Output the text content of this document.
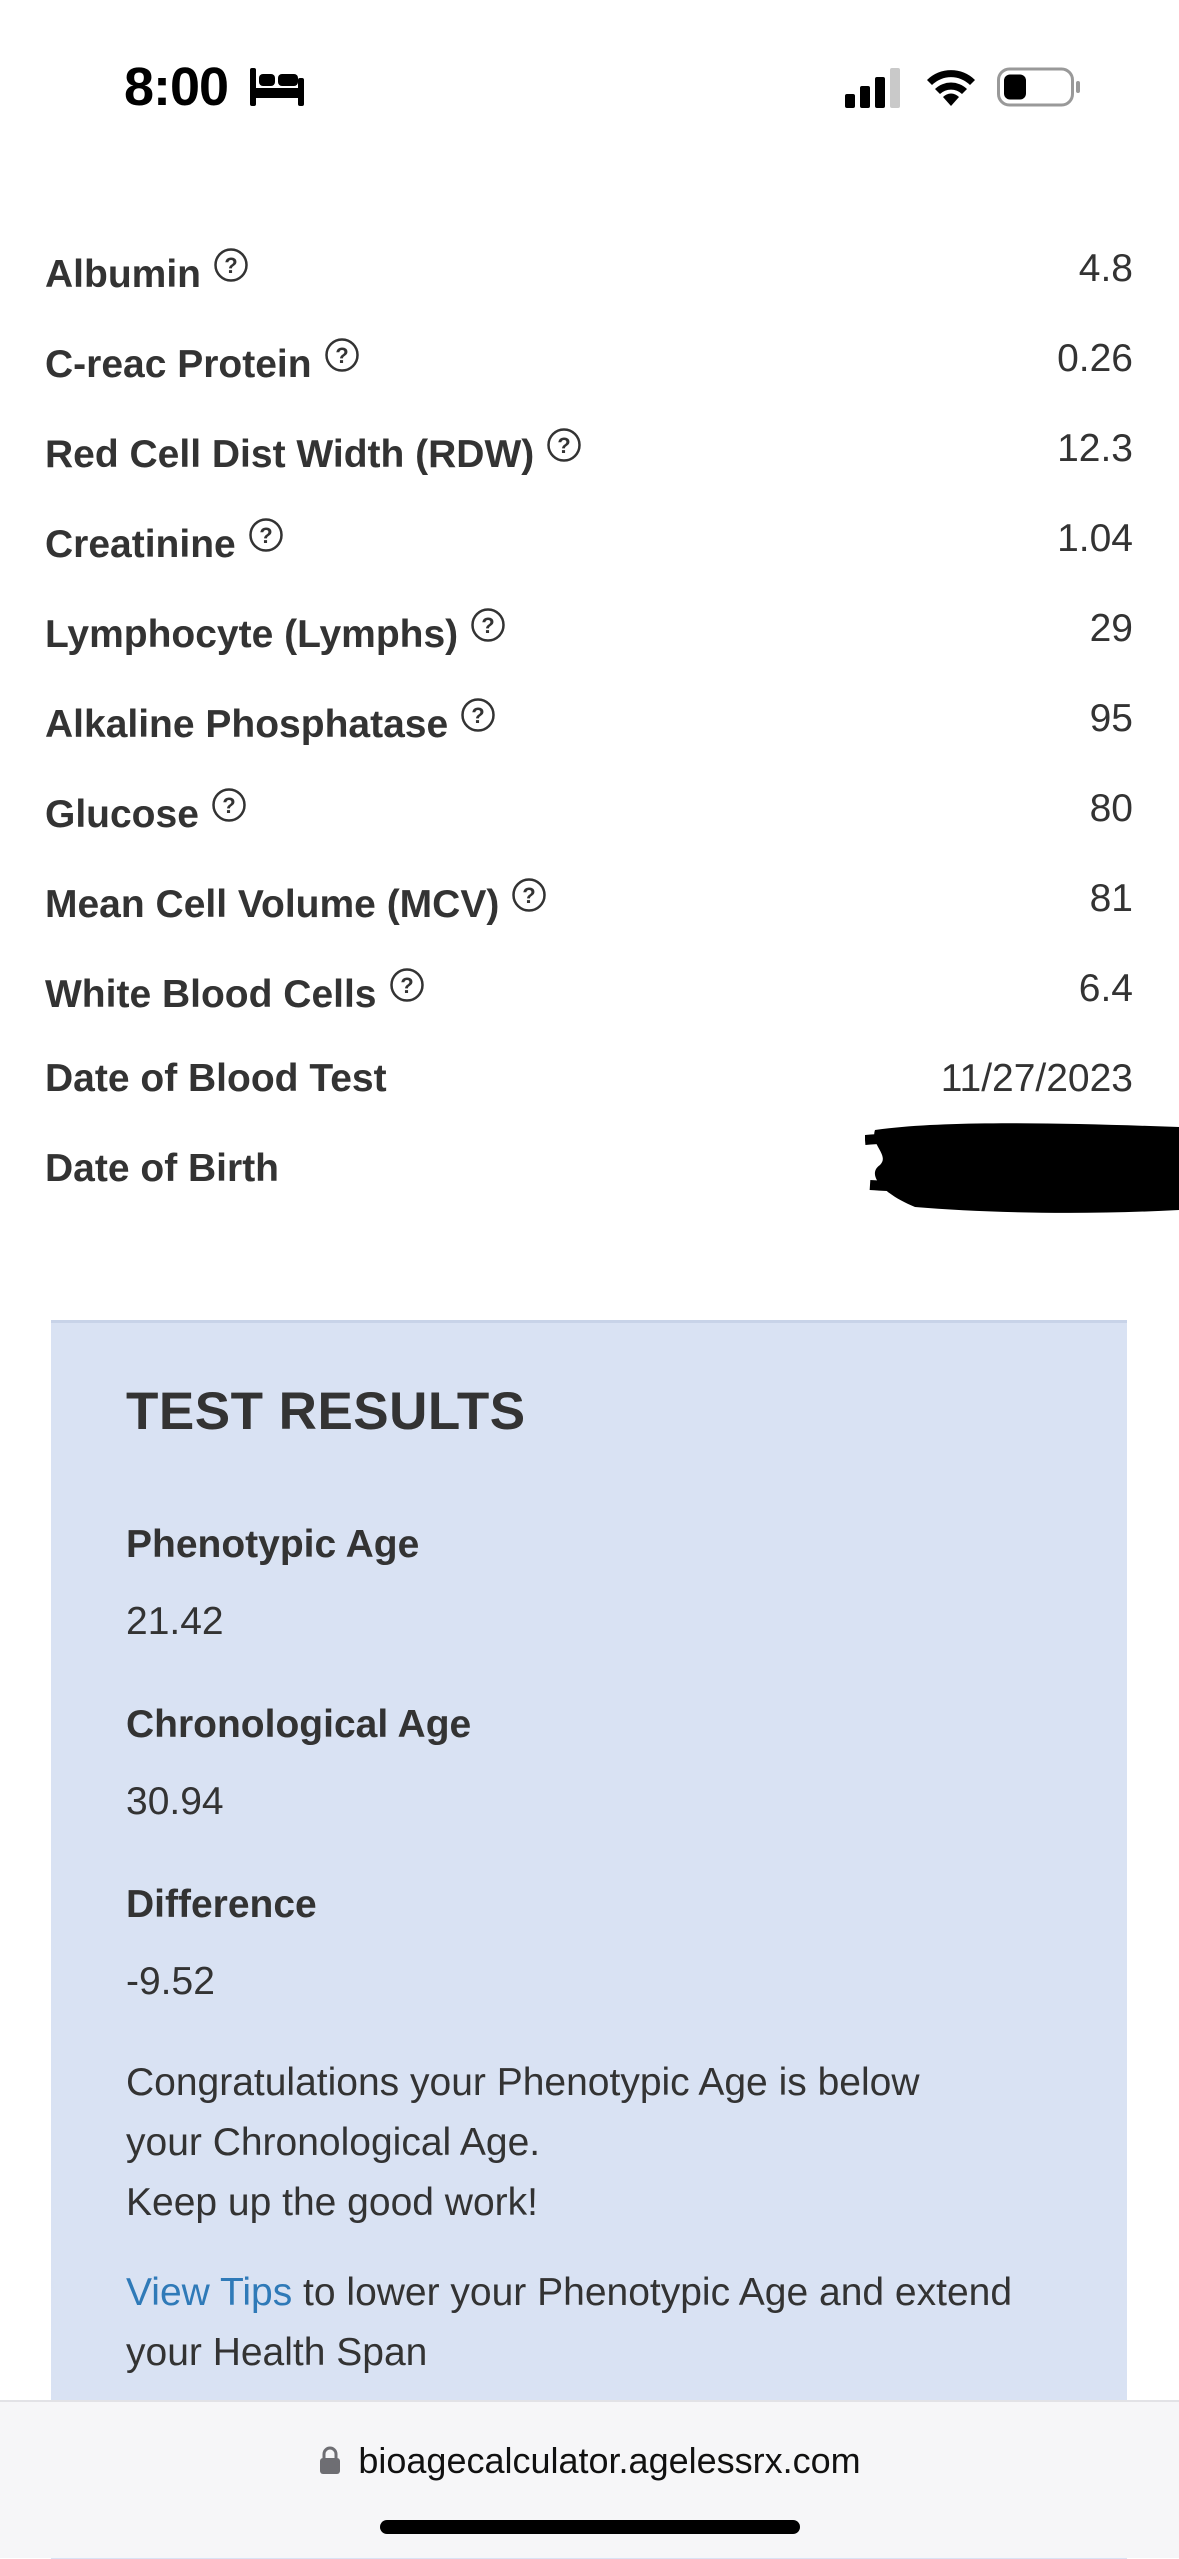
8:00
Albumin ?	4.8
C-reac Protein ?	0.26
Red Cell Dist Width (RDW) ?	12.3
Creatinine ?	1.04
Lymphocyte (Lymphs) ?	29
Alkaline Phosphatase ?	95
Glucose ?	80
Mean Cell Volume (MCV) ?	81
White Blood Cells ?	6.4
Date of Blood Test	11/27/2023
Date of Birth
TEST RESULTS
Phenotypic Age
21.42
Chronological Age
30.94
Difference
-9.52
Congratulations your Phenotypic Age is below
your Chronological Age.
Keep up the good work!
View Tips to lower your Phenotypic Age and extend your Health Span
bioagecalculator.agelessrx.com
